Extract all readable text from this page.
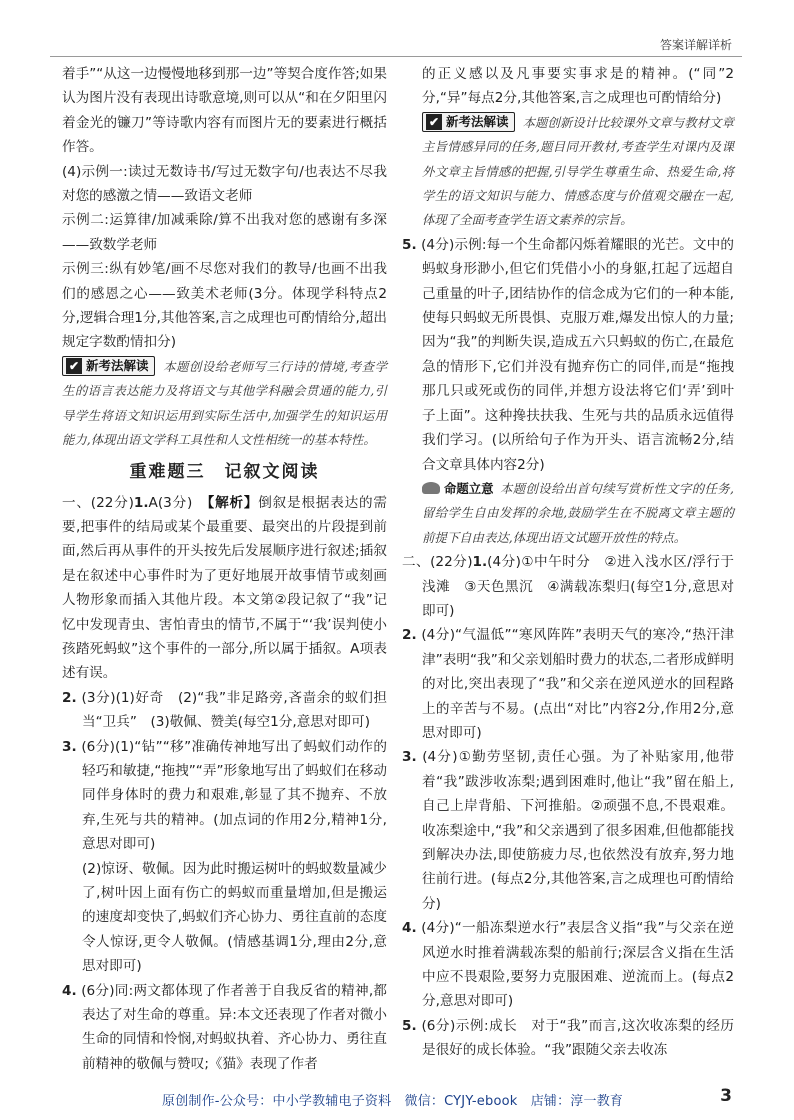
答案详解详析

着手”“从这一边慢慢地移到那一边”等契合度作答;如果认为图片没有表现出诗歌意境,则可以从“和在夕阳里闪着金光的镰刀”等诗歌内容有而图片无的要素进行概括作答。

(4)示例一:读过无数诗书/写过无数字句/也表达不尽我对您的感激之情——致语文老师

示例二:运算律/加减乘除/算不出我对您的感谢有多深——致数学老师

示例三:纵有妙笔/画不尽您对我们的教导/也画不出我们的感恩之心——致美术老师(3分。体现学科特点2分,逻辑合理1分,其他答案,言之成理也可酌情给分,超出规定字数酌情扣分)

✔ 新考法解读 本题创设给老师写三行诗的情境,考查学生的语言表达能力及将语文与其他学科融会贯通的能力,引导学生将语文知识运用到实际生活中,加强学生的知识运用能力,体现出语文学科工具性和人文性相统一的基本特性。

重难题三　记叙文阅读

一、(22分)1.A(3分)　 【解析】倒叙是根据表达的需要,把事件的结局或某个最重要、最突出的片段提到前面,然后再从事件的开头按先后发展顺序进行叙述;插叙是在叙述中心事件时为了更好地展开故事情节或刻画人物形象而插入其他片段。本文第②段记叙了“我”记忆中发现青虫、害怕青虫的情节,不属于“‘我’误判使小孩踏死蚂蚁”这个事件的一部分,所以属于插叙。A项表述有误。

2. (3分)(1)好奇　(2)“我”非足路旁,吝啬余的蚁们担当“卫兵”　(3)敬佩、赞美(每空1分,意思对即可)

3. (6分)(1)“钻”“移”准确传神地写出了蚂蚁们动作的轻巧和敏捷,“拖拽”“弄”形象地写出了蚂蚁们在移动同伴身体时的费力和艰难,彰显了其不抛弃、不放弃,生死与共的精神。(加点词的作用2分,精神1分,意思对即可)

(2)惊讶、敬佩。因为此时搬运树叶的蚂蚁数量减少了,树叶因上面有伤亡的蚂蚁而重量增加,但是搬运的速度却变快了,蚂蚁们齐心协力、勇往直前的态度令人惊讶,更令人敬佩。(情感基调1分,理由2分,意思对即可)

4. (6分)同:两文都体现了作者善于自我反省的精神,都表达了对生命的尊重。异:本文还表现了作者对微小生命的同情和怜悯,对蚂蚁执着、齐心协力、勇往直前精神的敬佩与赞叹;《猫》表现了作者

的正义感以及凡事要实事求是的精神。(“同”2分,“异”每点2分,其他答案,言之成理也可酌情给分)

✔ 新考法解读 本题创新设计比较课外文章与教材文章主旨情感异同的任务,题目同开教材,考查学生对课内及课外文章主旨情感的把握,引导学生尊重生命、热爱生命,将学生的语文知识与能力、情感态度与价值观交融在一起,体现了全面考查学生语文素养的宗旨。

5. (4分)示例:每一个生命都闪烁着耀眼的光芒。文中的蚂蚁身形渺小,但它们凭借小小的身躯,扛起了远超自己重量的叶子,团结协作的信念成为它们的一种本能,使每只蚂蚁无所畏惧、克服万难,爆发出惊人的力量;因为“我”的判断失误,造成五六只蚂蚁的伤亡,在最危急的情形下,它们并没有抛弃伤亡的同伴,而是“拖拽那几只或死或伤的同伴,并想方设法将它们‘弄’到叶子上面”。这种搀扶扶我、生死与共的品质永远值得我们学习。(以所给句子作为开头、语言流畅2分,结合文章具体内容2分)

命题立意 本题创设给出首句续写赏析性文字的任务,留给学生自由发挥的余地,鼓励学生在不脱离文章主题的前提下自由表达,体现出语文试题开放性的特点。

二、(22分)1.(4分)①中午时分　②进入浅水区/浮行于浅滩　③天色黑沉　④满载冻梨归(每空1分,意思对即可)

2. (4分)“气温低”“寒风阵阵”表明天气的寒冷,“热汗津津”表明“我”和父亲划船时费力的状态,二者形成鲜明的对比,突出表现了“我”和父亲在逆风逆水的回程路上的辛苦与不易。(点出“对比”内容2分,作用2分,意思对即可)

3. (4分)①勤劳坚韧,责任心强。为了补贴家用,他带着“我”跋涉收冻梨;遇到困难时,他让“我”留在船上,自己上岸背船、下河推船。②顽强不息,不畏艰难。收冻梨途中,“我”和父亲遇到了很多困难,但他都能找到解决办法,即使筋疲力尽,也依然没有放弃,努力地往前行进。(每点2分,其他答案,言之成理也可酌情给分)

4. (4分)“一船冻梨逆水行”表层含义指“我”与父亲在逆风逆水时推着满载冻梨的船前行;深层含义指在生活中应不畏艰险,要努力克服困难、逆流而上。(每点2分,意思对即可)

5. (6分)示例:成长　对于“我”而言,这次收冻梨的经历是很好的成长体验。“我”跟随父亲去收冻

原创制作-公众号：中小学教辅电子资料　微信：CYJY-ebook　店铺：淳一教育	3
